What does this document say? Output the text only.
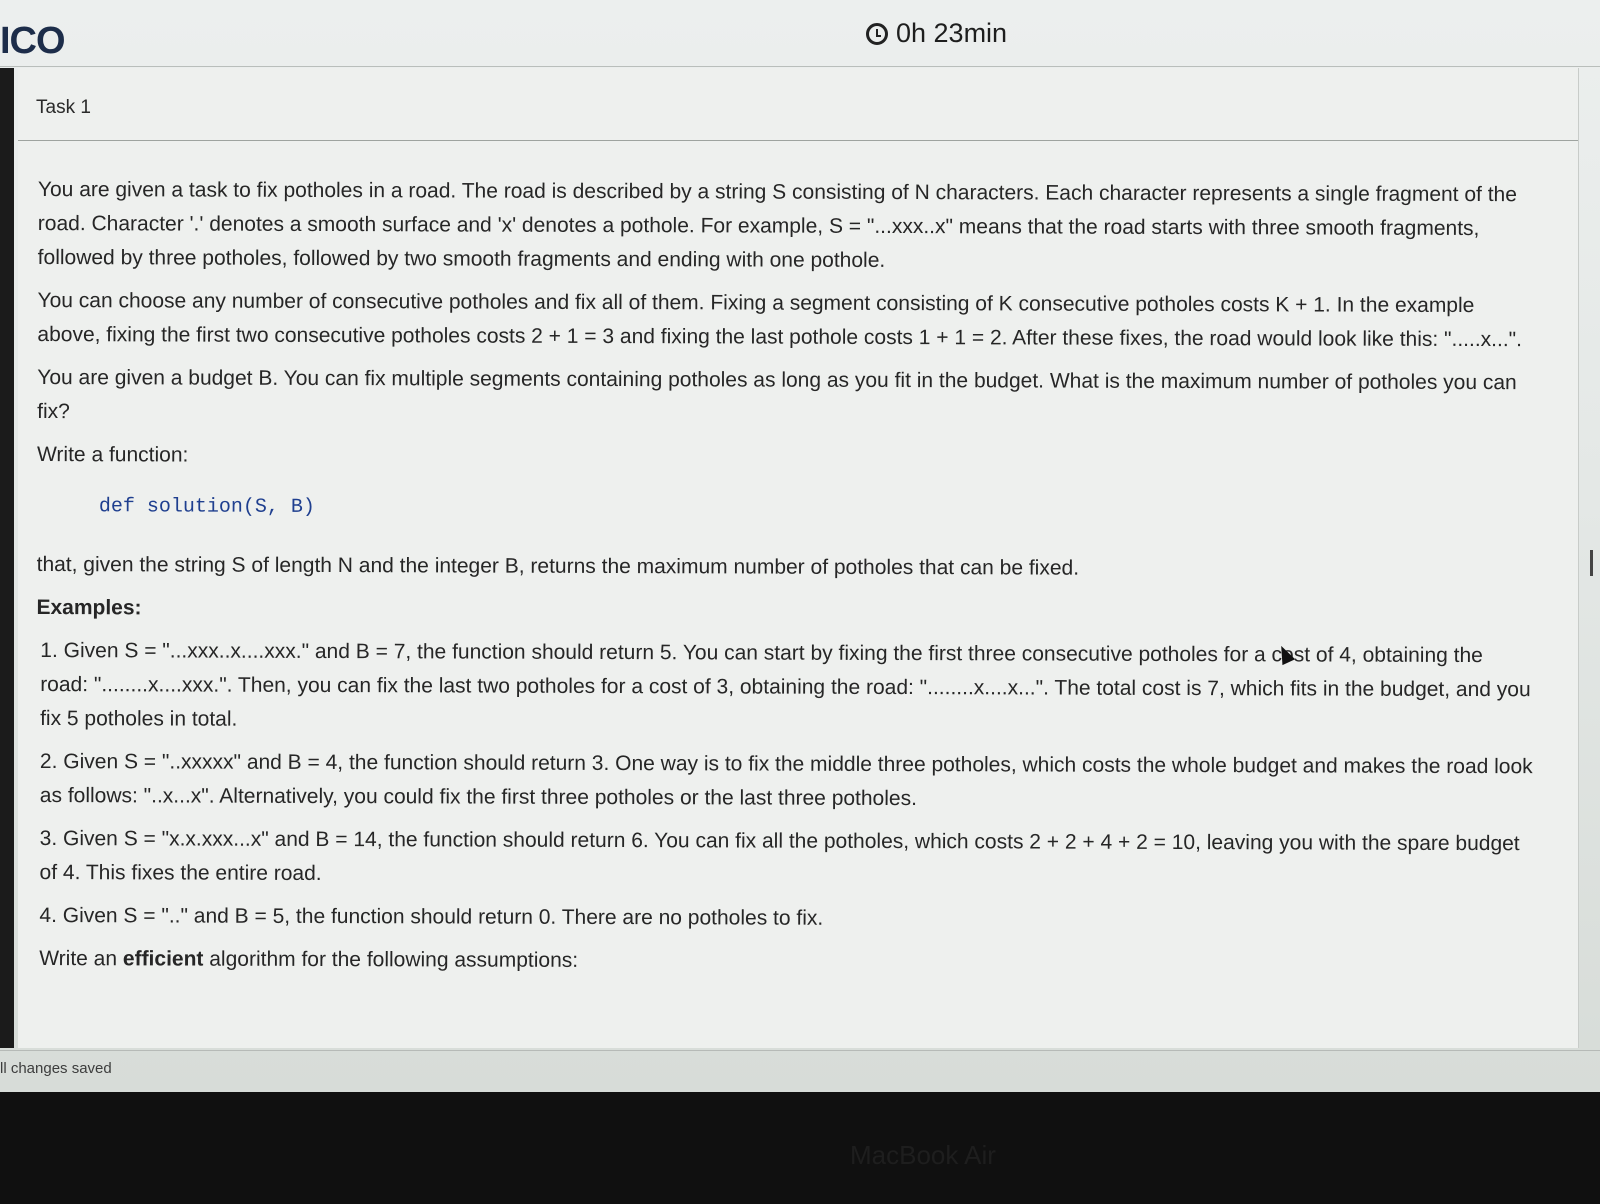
ICO	0h 23min
Task 1

You are given a task to fix potholes in a road. The road is described by a string S consisting of N characters. Each character represents a single fragment of the road. Character '.' denotes a smooth surface and 'x' denotes a pothole. For example, S = "...xxx..x" means that the road starts with three smooth fragments, followed by three potholes, followed by two smooth fragments and ending with one pothole.

You can choose any number of consecutive potholes and fix all of them. Fixing a segment consisting of K consecutive potholes costs K + 1. In the example above, fixing the first two consecutive potholes costs 2 + 1 = 3 and fixing the last pothole costs 1 + 1 = 2. After these fixes, the road would look like this: ".....x...".

You are given a budget B. You can fix multiple segments containing potholes as long as you fit in the budget. What is the maximum number of potholes you can fix?

Write a function:

def solution(S, B)

that, given the string S of length N and the integer B, returns the maximum number of potholes that can be fixed.

Examples:

1. Given S = "...xxx..x....xxx." and B = 7, the function should return 5. You can start by fixing the first three consecutive potholes for a cost of 4, obtaining the road: "........x....xxx.". Then, you can fix the last two potholes for a cost of 3, obtaining the road: "........x....x...". The total cost is 7, which fits in the budget, and you fix 5 potholes in total.

2. Given S = "..xxxxx" and B = 4, the function should return 3. One way is to fix the middle three potholes, which costs the whole budget and makes the road look as follows: "..x...x". Alternatively, you could fix the first three potholes or the last three potholes.

3. Given S = "x.x.xxx...x" and B = 14, the function should return 6. You can fix all the potholes, which costs 2 + 2 + 4 + 2 = 10, leaving you with the spare budget of 4. This fixes the entire road.

4. Given S = ".." and B = 5, the function should return 0. There are no potholes to fix.

Write an efficient algorithm for the following assumptions:

ll changes saved
MacBook Air
